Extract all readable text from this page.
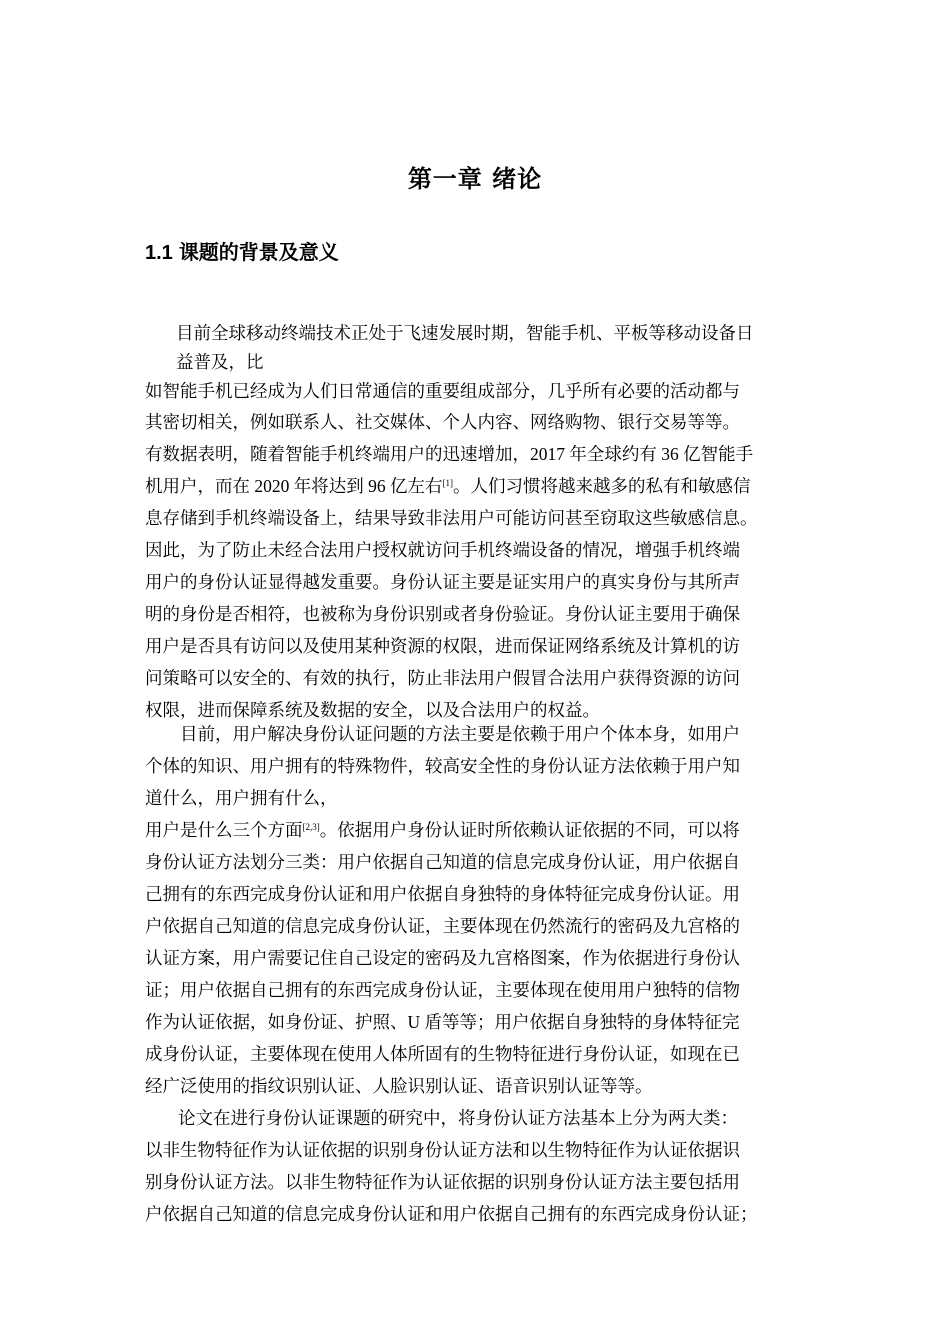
第一章 绪论
1.1 课题的背景及意义

目前全球移动终端技术正处于飞速发展时期，智能手机、平板等移动设备日

益普及，比

如智能手机已经成为人们日常通信的重要组成部分，几乎所有必要的活动都与

其密切相关，例如联系人、社交媒体、个人内容、网络购物、银行交易等等。

有数据表明，随着智能手机终端用户的迅速增加，2017 年全球约有 36 亿智能手

机用户，而在 2020 年将达到 96 亿左右[1]。人们习惯将越来越多的私有和敏感信

息存储到手机终端设备上，结果导致非法用户可能访问甚至窃取这些敏感信息。

因此，为了防止未经合法用户授权就访问手机终端设备的情况，增强手机终端

用户的身份认证显得越发重要。身份认证主要是证实用户的真实身份与其所声

明的身份是否相符，也被称为身份识别或者身份验证。身份认证主要用于确保

用户是否具有访问以及使用某种资源的权限，进而保证网络系统及计算机的访

问策略可以安全的、有效的执行，防止非法用户假冒合法用户获得资源的访问

权限，进而保障系统及数据的安全，以及合法用户的权益。

目前，用户解决身份认证问题的方法主要是依赖于用户个体本身，如用户

个体的知识、用户拥有的特殊物件，较高安全性的身份认证方法依赖于用户知

道什么，用户拥有什么，

用户是什么三个方面[2,3]。依据用户身份认证时所依赖认证依据的不同，可以将

身份认证方法划分三类：用户依据自己知道的信息完成身份认证，用户依据自

己拥有的东西完成身份认证和用户依据自身独特的身体特征完成身份认证。用

户依据自己知道的信息完成身份认证，主要体现在仍然流行的密码及九宫格的

认证方案，用户需要记住自己设定的密码及九宫格图案，作为依据进行身份认

证；用户依据自己拥有的东西完成身份认证，主要体现在使用用户独特的信物

作为认证依据，如身份证、护照、U 盾等等；用户依据自身独特的身体特征完

成身份认证，主要体现在使用人体所固有的生物特征进行身份认证，如现在已

经广泛使用的指纹识别认证、人脸识别认证、语音识别认证等等。

论文在进行身份认证课题的研究中，将身份认证方法基本上分为两大类：

以非生物特征作为认证依据的识别身份认证方法和以生物特征作为认证依据识

别身份认证方法。以非生物特征作为认证依据的识别身份认证方法主要包括用

户依据自己知道的信息完成身份认证和用户依据自己拥有的东西完成身份认证；
